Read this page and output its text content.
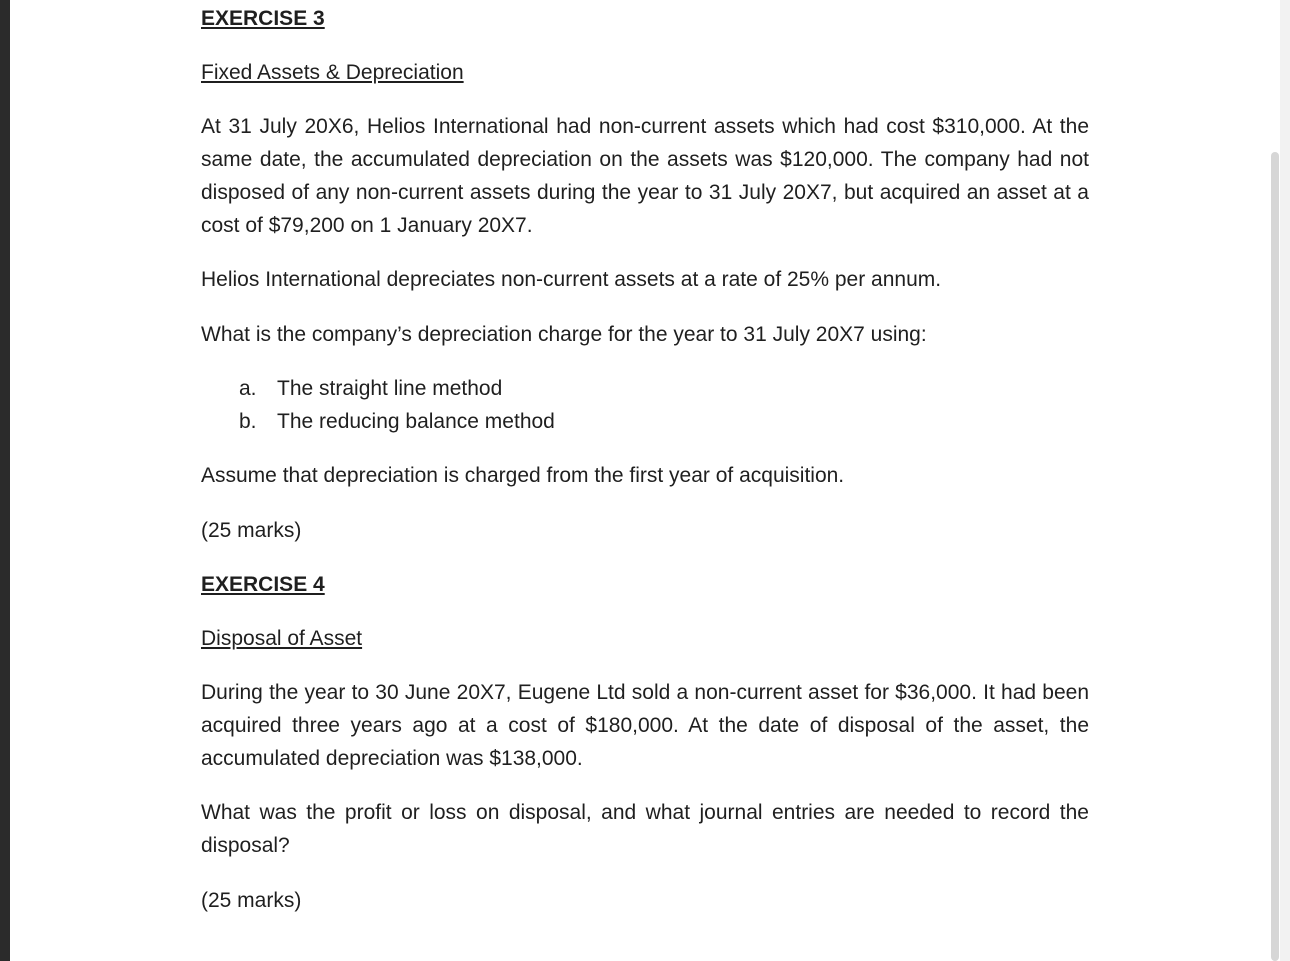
EXERCISE 3

Fixed Assets & Depreciation

At 31 July 20X6, Helios International had non-current assets which had cost $310,000. At the same date, the accumulated depreciation on the assets was $120,000. The company had not disposed of any non-current assets during the year to 31 July 20X7, but acquired an asset at a cost of $79,200 on 1 January 20X7.

Helios International depreciates non-current assets at a rate of 25% per annum.

What is the company’s depreciation charge for the year to 31 July 20X7 using:

a. The straight line method
b. The reducing balance method

Assume that depreciation is charged from the first year of acquisition.

(25 marks)

EXERCISE 4

Disposal of Asset

During the year to 30 June 20X7, Eugene Ltd sold a non-current asset for $36,000. It had been acquired three years ago at a cost of $180,000. At the date of disposal of the asset, the accumulated depreciation was $138,000.

What was the profit or loss on disposal, and what journal entries are needed to record the disposal?

(25 marks)
